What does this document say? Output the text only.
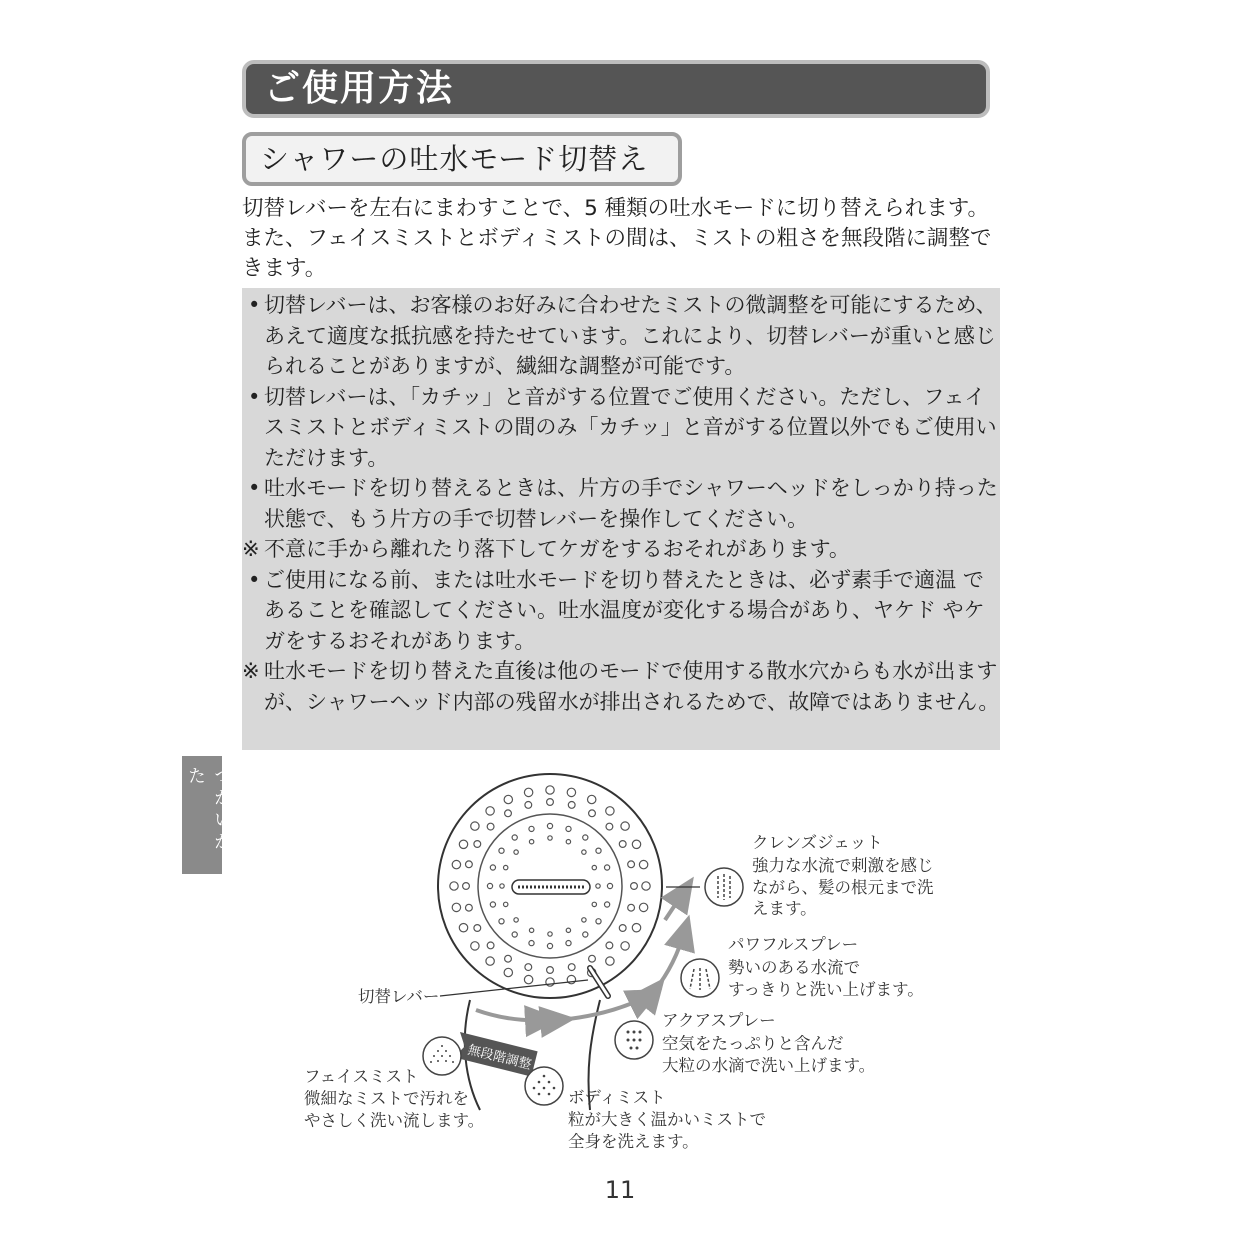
ご使用方法
シャワーの吐水モード切替え

切替レバーを左右にまわすことで、5 種類の吐水モードに切り替えられます。また、フェイスミストとボディミストの間は、ミストの粗さを無段階に調整できます。

• 切替レバーは、お客様のお好みに合わせたミストの微調整を可能にするため、あえて適度な抵抗感を持たせています。これにより、切替レバーが重いと感じられることがありますが、繊細な調整が可能です。

• 切替レバーは、「カチッ」と音がする位置でご使用ください。ただし、フェイスミストとボディミストの間のみ「カチッ」と音がする位置以外でもご使用いただけます。

• 吐水モードを切り替えるときは、片方の手でシャワーヘッドをしっかり持った状態で、もう片方の手で切替レバーを操作してください。

※ 不意に手から離れたり落下してケガをするおそれがあります。

• ご使用になる前、または吐水モードを切り替えたときは、必ず素手で適温 であることを確認してください。吐水温度が変化する場合があり、ヤケド やケガをするおそれがあります。

※ 吐水モードを切り替えた直後は他のモードで使用する散水穴からも水が出ますが、シャワーヘッド内部の残留水が排出されるためで、故障ではありません。

つかいかた
無段階調整

切替レバー

クレンズジェット

強力な水流で刺激を感じ
ながら、髪の根元まで洗
えます。

パワフルスプレー

勢いのある水流で
すっきりと洗い上げます。

アクアスプレー

空気をたっぷりと含んだ
大粒の水滴で洗い上げます。

フェイスミスト

微細なミストで汚れを
やさしく洗い流します。

ボディミスト

粒が大きく温かいミストで
全身を洗えます。

11
